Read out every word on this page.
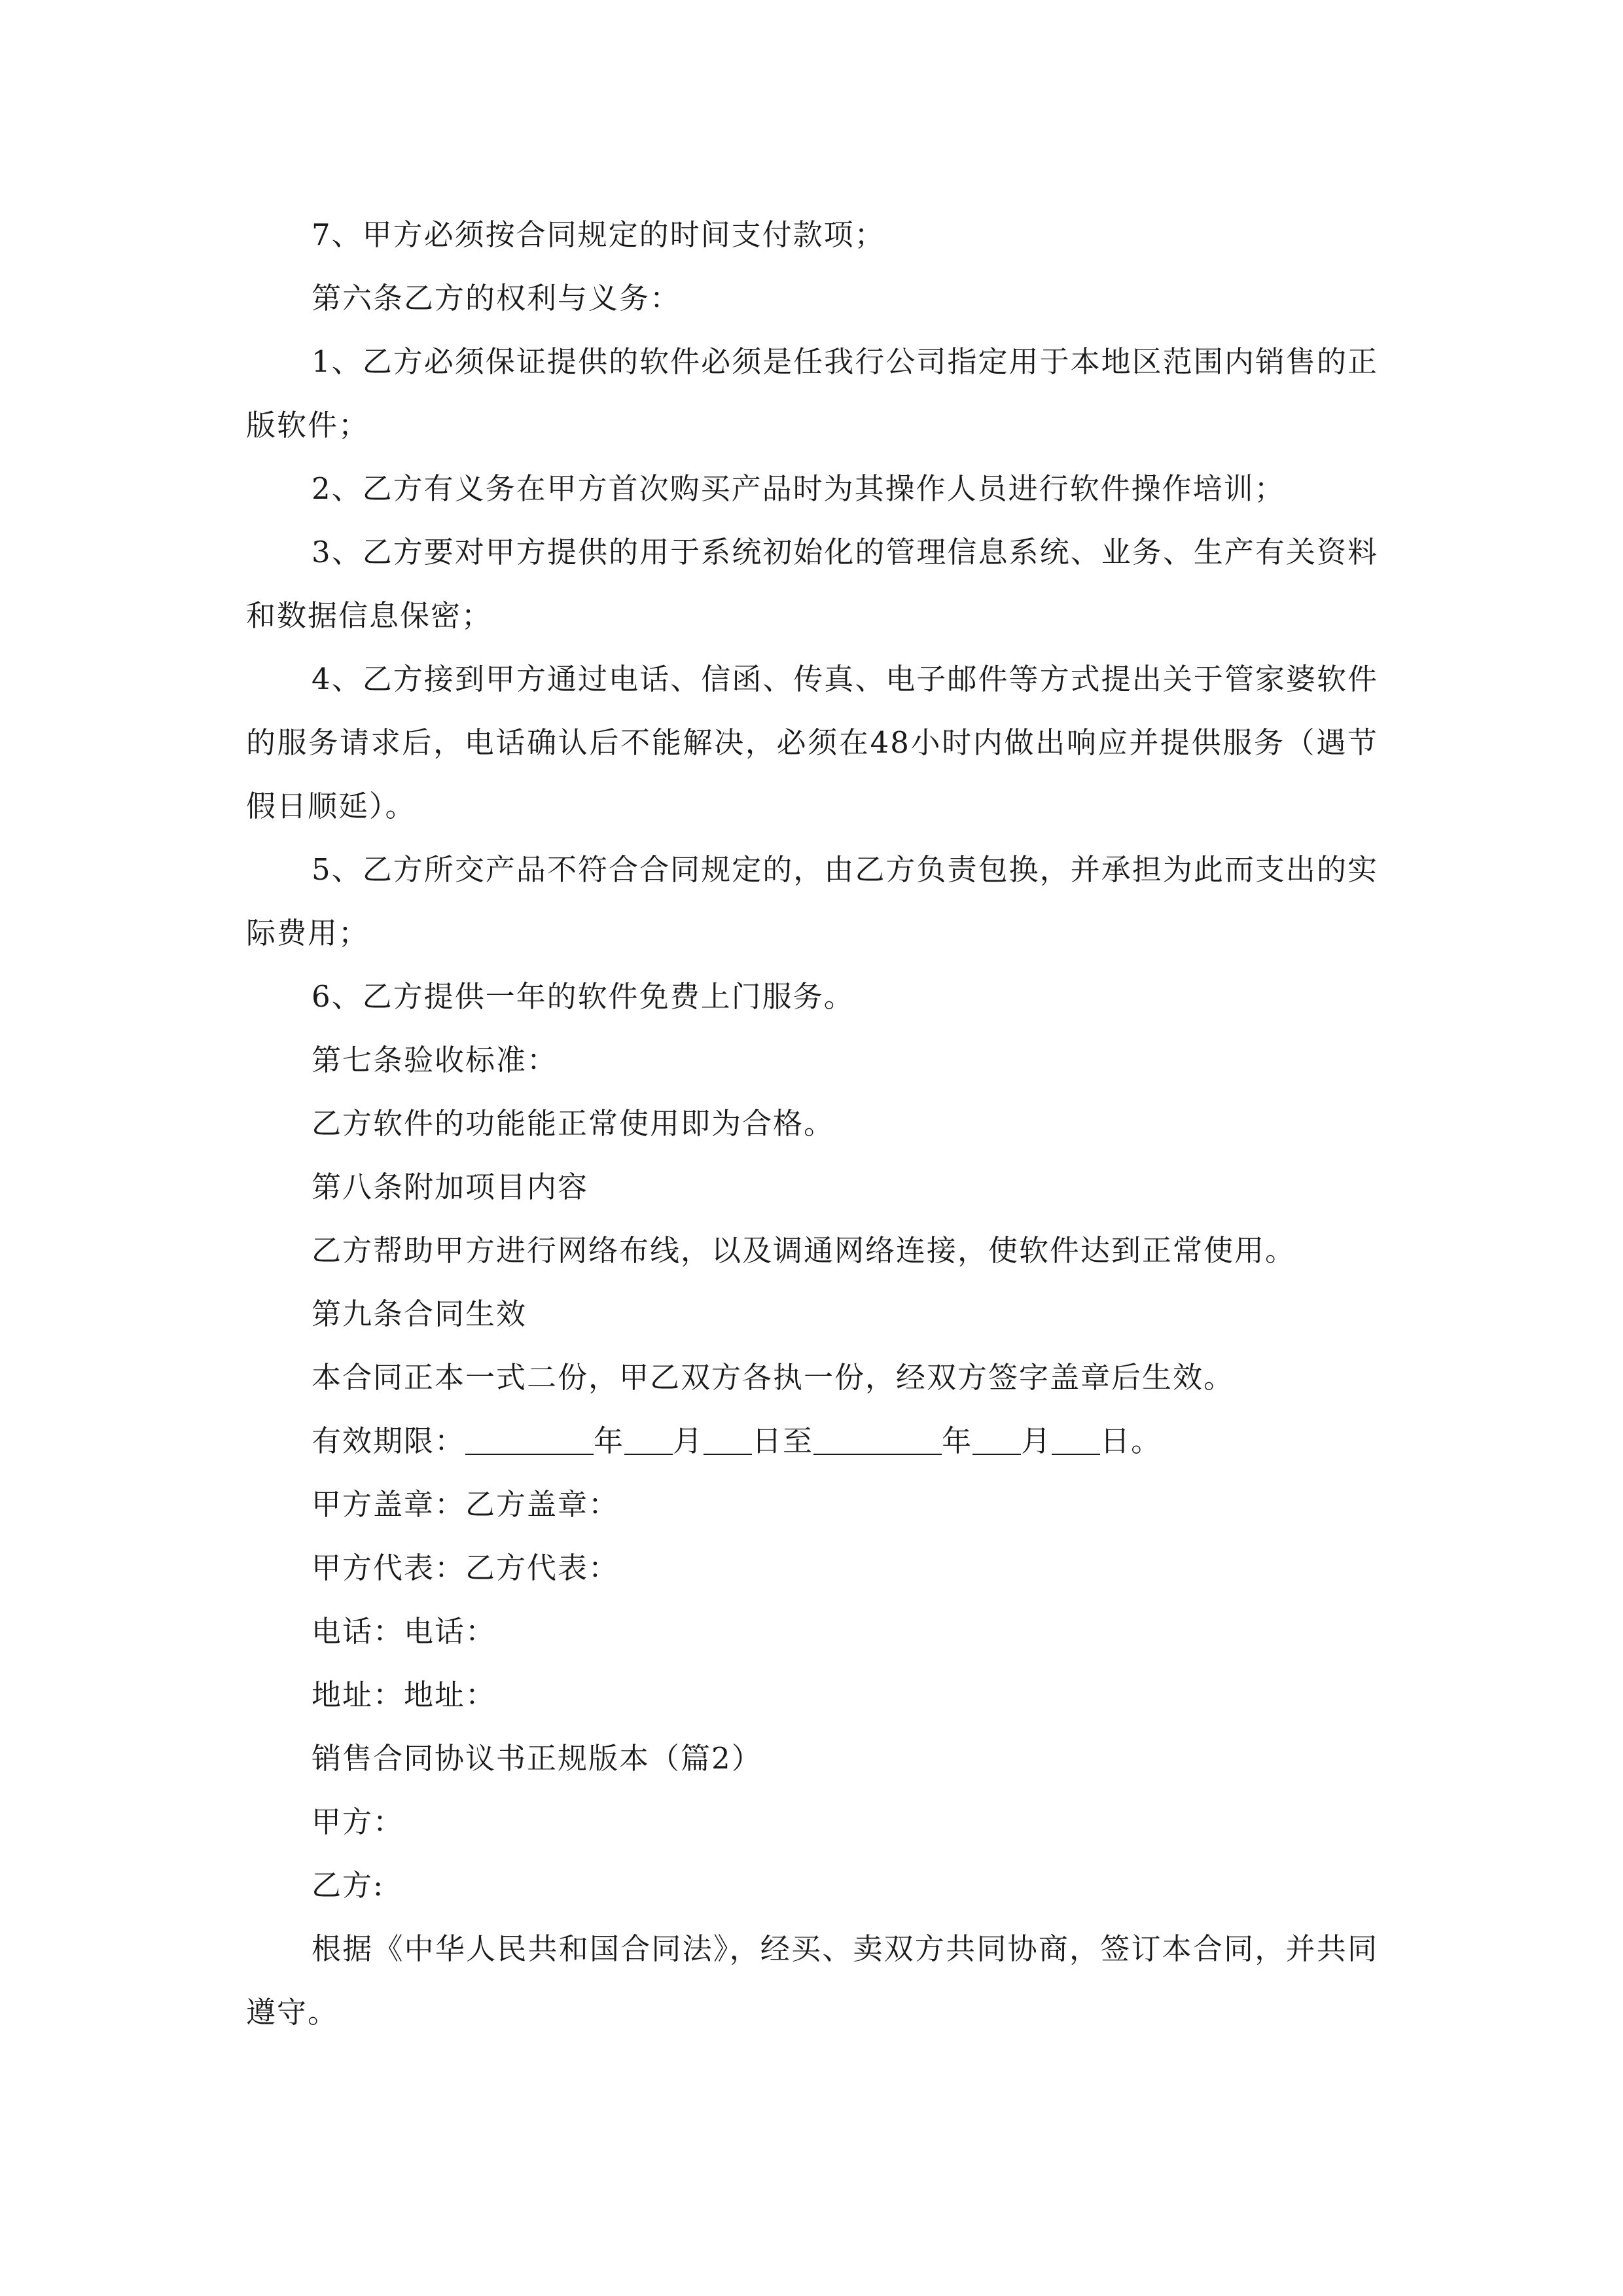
7、甲方必须按合同规定的时间支付款项；

第六条乙方的权利与义务：

1、乙方必须保证提供的软件必须是任我行公司指定用于本地区范围内销售的正版软件；

2、乙方有义务在甲方首次购买产品时为其操作人员进行软件操作培训；

3、乙方要对甲方提供的用于系统初始化的管理信息系统、业务、生产有关资料和数据信息保密；

4、乙方接到甲方通过电话、信函、传真、电子邮件等方式提出关于管家婆软件的服务请求后，电话确认后不能解决，必须在48小时内做出响应并提供服务（遇节假日顺延）。

5、乙方所交产品不符合合同规定的，由乙方负责包换，并承担为此而支出的实际费用；

6、乙方提供一年的软件免费上门服务。

第七条验收标准：

乙方软件的功能能正常使用即为合格。

第八条附加项目内容

乙方帮助甲方进行网络布线，以及调通网络连接，使软件达到正常使用。

第九条合同生效

本合同正本一式二份，甲乙双方各执一份，经双方签字盖章后生效。

有效期限：	年 月 日至	年 月 日。

甲方盖章：乙方盖章：

甲方代表：乙方代表：

电话：电话：

地址：地址：

销售合同协议书正规版本（篇2）

甲方：

乙方:

根据《中华人民共和国合同法》，经买、卖双方共同协商，签订本合同，并共同遵守。
